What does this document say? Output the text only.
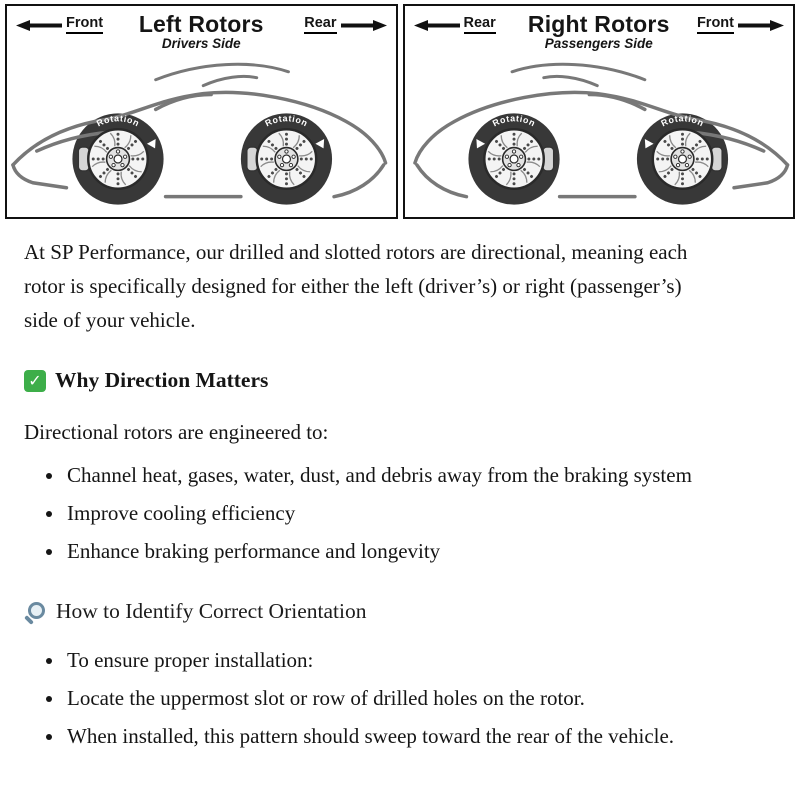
Front Left Rotors
Drivers Side
Rear
Rotation	Rotation
Rear Right Rotors
Passengers Side
Front
Rotation	Rotation

At SP Performance, our drilled and slotted rotors are directional, meaning each rotor is specifically designed for either the left (driver’s) or right (passenger’s) side of your vehicle.

✓
Why Direction Matters

Directional rotors are engineered to:

• Channel heat, gases, water, dust, and debris away from the braking system
• Improve cooling efficiency
• Enhance braking performance and longevity
How to Identify Correct Orientation
• To ensure proper installation:
• Locate the uppermost slot or row of drilled holes on the rotor.
• When installed, this pattern should sweep toward the rear of the vehicle.
